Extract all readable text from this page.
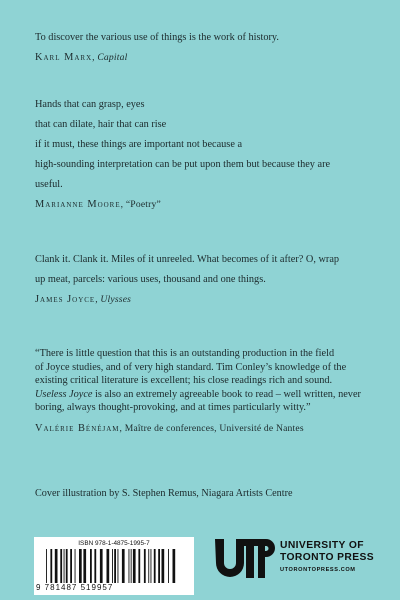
To discover the various use of things is the work of history.

Karl Marx, Capital

Hands that can grasp, eyes
that can dilate, hair that can rise
if it must, these things are important not because a
high-sounding interpretation can be put upon them but because they are
useful.

Marianne Moore, “Poetry”

Clank it. Clank it. Miles of it unreeled. What becomes of it after? O, wrap
up meat, parcels: various uses, thousand and one things.

James Joyce, Ulysses

“There is little question that this is an outstanding production in the field
of Joyce studies, and of very high standard. Tim Conley’s knowledge of the
existing critical literature is excellent; his close readings rich and sound.
Useless Joyce is also an extremely agreeable book to read – well written, never
boring, always thought-provoking, and at times particularly witty.”

Valérie Bénéjam, Maître de conferences, Université de Nantes
Cover illustration by S. Stephen Remus, Niagara Artists Centre
ISBN 978-1-4875-1995-7
9 781487 519957
UNIVERSITY OF
TORONTO PRESS
UTORONTOPRESS.COM
